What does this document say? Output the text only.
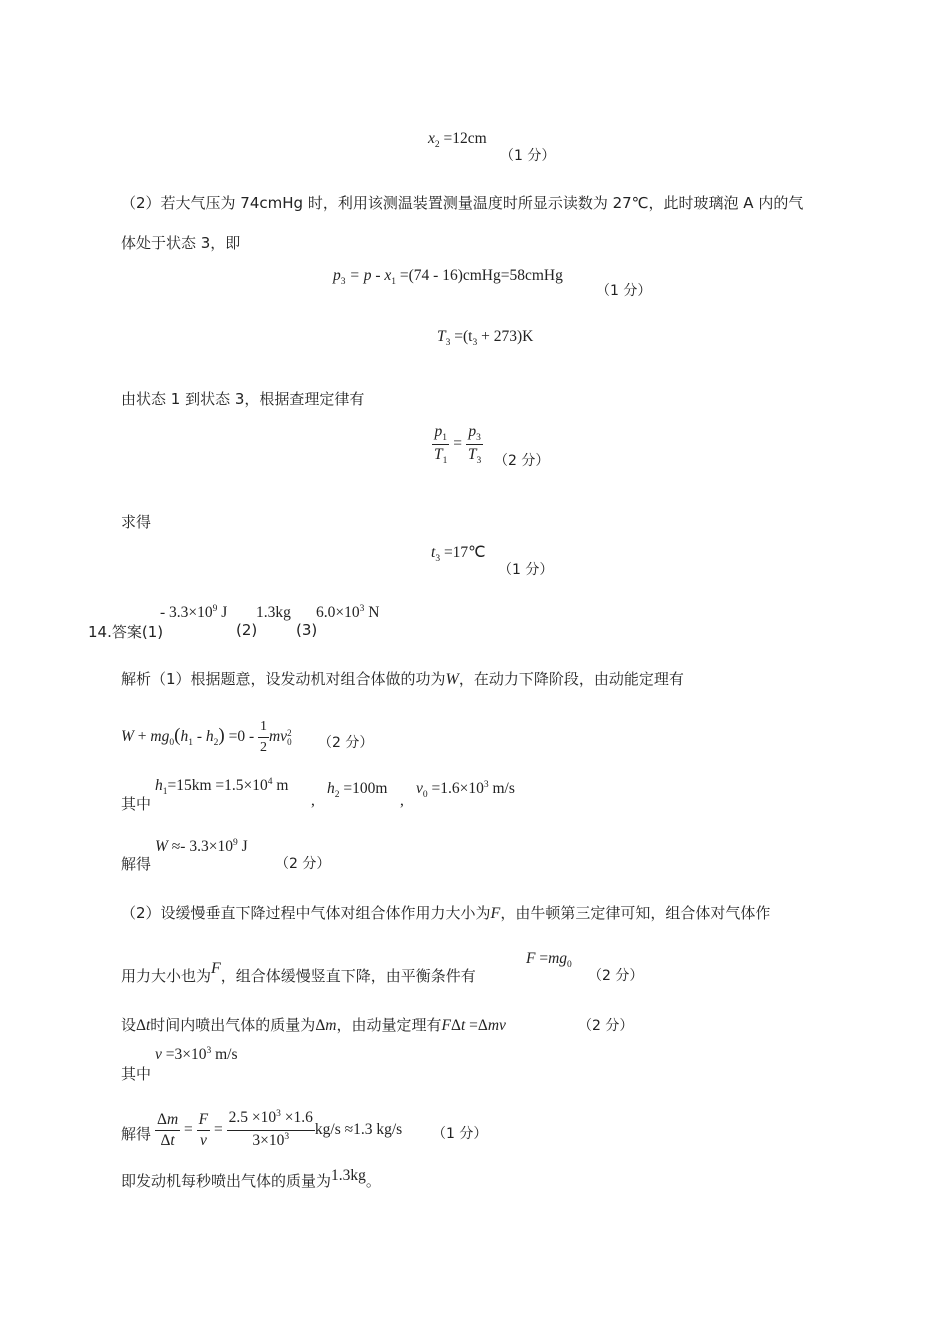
$x_2 =12cm$
（1 分）
（2）若大气压为 74cmHg 时，利用该测温装置测量温度时所显示读数为 27℃，此时玻璃泡 A 内的气
体处于状态 3，即
$p_3 = p - x_1 =(74$ - 16)cmHg=58cmHg
（1 分）
$T_3 =(t_3 + 273)K$
由状态 1 到状态 3，根据查理定律有
$\frac{p_1}{T_1} = \frac{p_3}{T_3} (2$ 分）
求得
$t_3$ =17℃
（1 分）
14.答案(1)
- $3.3\times 10^9$ J
(2)
1.3kg
(3)
$6.0\times 10^3$ N
解析（1）根据题意，设发动机对组合体做的功为W，在动力下降阶段，由动能定理有
$W + mg_0(h_1 - h_2) =0 - \frac{1}{2}$ mv 2
0 （2 分）
其中
$h_1=15km =1.5\times 10^4$ m
,
$h_2 =100m$
,
$v_0 =1.6\times 10^3$ m/s
解得
$W \approx- 3.3\times 10^9$ J
（2 分）
（2）设缓慢垂直下降过程中气体对组合体作用力大小为F，由牛顿第三定律可知，组合体对气体作
用力大小也为F，组合体缓慢竖直下降，由平衡条件有
$F =mg_0$
（2 分）
设Δt时间内喷出气体的质量为Δm，由动量定理有FΔt =Δmv	（2 分）
其中
$v =3\times 10^3$ m/s
解得 $\frac{\Delta m}{\Delta t} = \frac{F}{v} = \frac{2.5 \times 10^3 \times 1.6}{3\times 10^3} kg/s \approx 1.3$ kg/s （1 分）
即发动机每秒喷出气体的质量为1.3kg。
